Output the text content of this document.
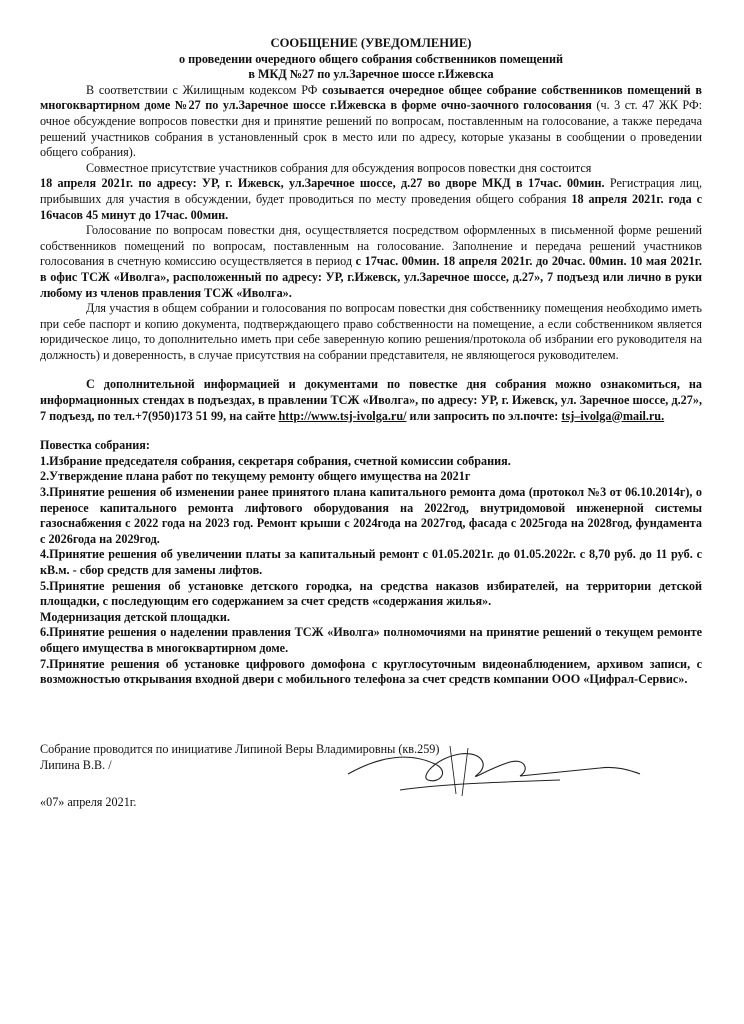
СООБЩЕНИЕ (УВЕДОМЛЕНИЕ)
о проведении очередного общего собрания собственников помещений
в МКД №27 по ул.Заречное шоссе г.Ижевска

В соответствии с Жилищным кодексом РФ созывается очередное общее собрание собственников помещений в многоквартирном доме №27 по ул.Заречное шоссе г.Ижевска в форме очно-заочного голосования (ч. 3 ст. 47 ЖК РФ: очное обсуждение вопросов повестки дня и принятие решений по вопросам, поставленным на голосование, а также передача решений участников собрания в установленный срок в место или по адресу, которые указаны в сообщении о проведении общего собрания).

Совместное присутствие участников собрания для обсуждения вопросов повестки дня состоится
18 апреля 2021г. по адресу: УР, г. Ижевск, ул.Заречное шоссе, д.27 во дворе МКД в 17час. 00мин. Регистрация лиц, прибывших для участия в обсуждении, будет проводиться по месту проведения общего собрания 18 апреля 2021г. года с 16часов 45 минут до 17час. 00мин.

Голосование по вопросам повестки дня, осуществляется посредством оформленных в письменной форме решений собственников помещений по вопросам, поставленным на голосование. Заполнение и передача решений участников голосования в счетную комиссию осуществляется в период с 17час. 00мин. 18 апреля 2021г. до 20час. 00мин. 10 мая 2021г. в офис ТСЖ «Иволга», расположенный по адресу: УР, г.Ижевск, ул.Заречное шоссе, д.27», 7 подъезд или лично в руки любому из членов правления ТСЖ «Иволга».

Для участия в общем собрании и голосования по вопросам повестки дня собственнику помещения необходимо иметь при себе паспорт и копию документа, подтверждающего право собственности на помещение, а если собственником является юридическое лицо, то дополнительно иметь при себе заверенную копию решения/протокола об избрании его руководителя на должность) и доверенность, в случае присутствия на собрании представителя, не являющегося руководителем.

С дополнительной информацией и документами по повестке дня собрания можно ознакомиться, на информационных стендах в подъездах, в правлении ТСЖ «Иволга», по адресу: УР, г. Ижевск, ул. Заречное шоссе, д.27», 7 подъезд, по тел.+7(950)173 51 99, на сайте http://www.tsj-ivolga.ru/ или запросить по эл.почте: tsj–ivolga@mail.ru.

Повестка собрания:

1.Избрание председателя собрания, секретаря собрания, счетной комиссии собрания.

2.Утверждение плана работ по текущему ремонту общего имущества на 2021г

3.Принятие решения об изменении ранее принятого плана капитального ремонта дома (протокол №3 от 06.10.2014г), о переносе капитального ремонта лифтового оборудования на 2022год, внутридомовой инженерной системы газоснабжения с 2022 года на 2023 год. Ремонт крыши с 2024года на 2027год, фасада с 2025года на 2028год, фундамента с 2026года на 2029год.

4.Принятие решения об увеличении платы за капитальный ремонт с 01.05.2021г. до 01.05.2022г. с 8,70 руб. до 11 руб. с кВ.м. - сбор средств для замены лифтов.

5.Принятие решения об установке детского городка, на средства наказов избирателей, на территории детской площадки, с последующим его содержанием за счет средств «содержания жилья».

Модернизация детской площадки.

6.Принятие решения о наделении правления ТСЖ «Иволга» полномочиями на принятие решений о текущем ремонте общего имущества в многоквартирном доме.

7.Принятие решения об установке цифрового домофона с круглосуточным видеонаблюдением, архивом записи, с возможностью открывания входной двери с мобильного телефона за счет средств компании ООО «Цифрал-Сервис».

Собрание проводится по инициативе Липиной Веры Владимировны (кв.259)
Липина В.В. /
«07» апреля 2021г.
